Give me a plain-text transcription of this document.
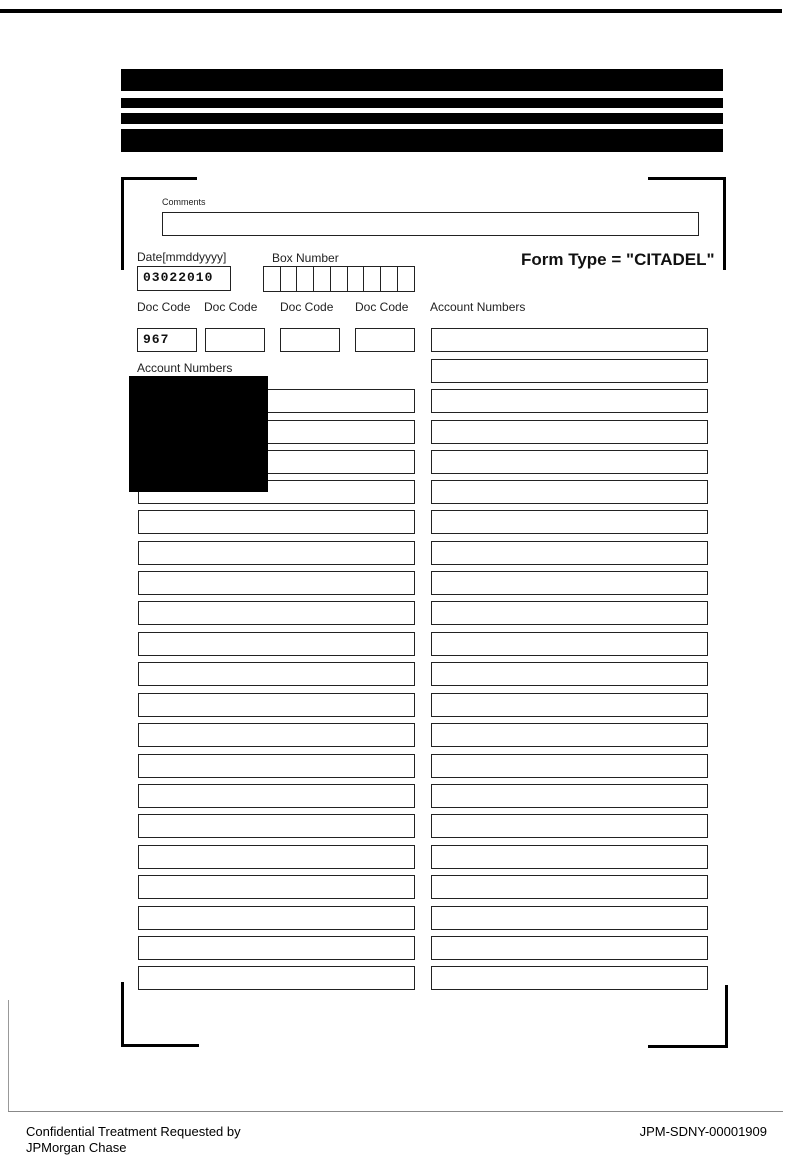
Comments
Date[mmddyyyy]
03022010
Box Number	Form Type = "CITADEL"
Doc Code Doc Code Doc Code Doc Code Account Numbers
967
Account Numbers
Confidential Treatment Requested by
JPMorgan Chase
JPM-SDNY-00001909
